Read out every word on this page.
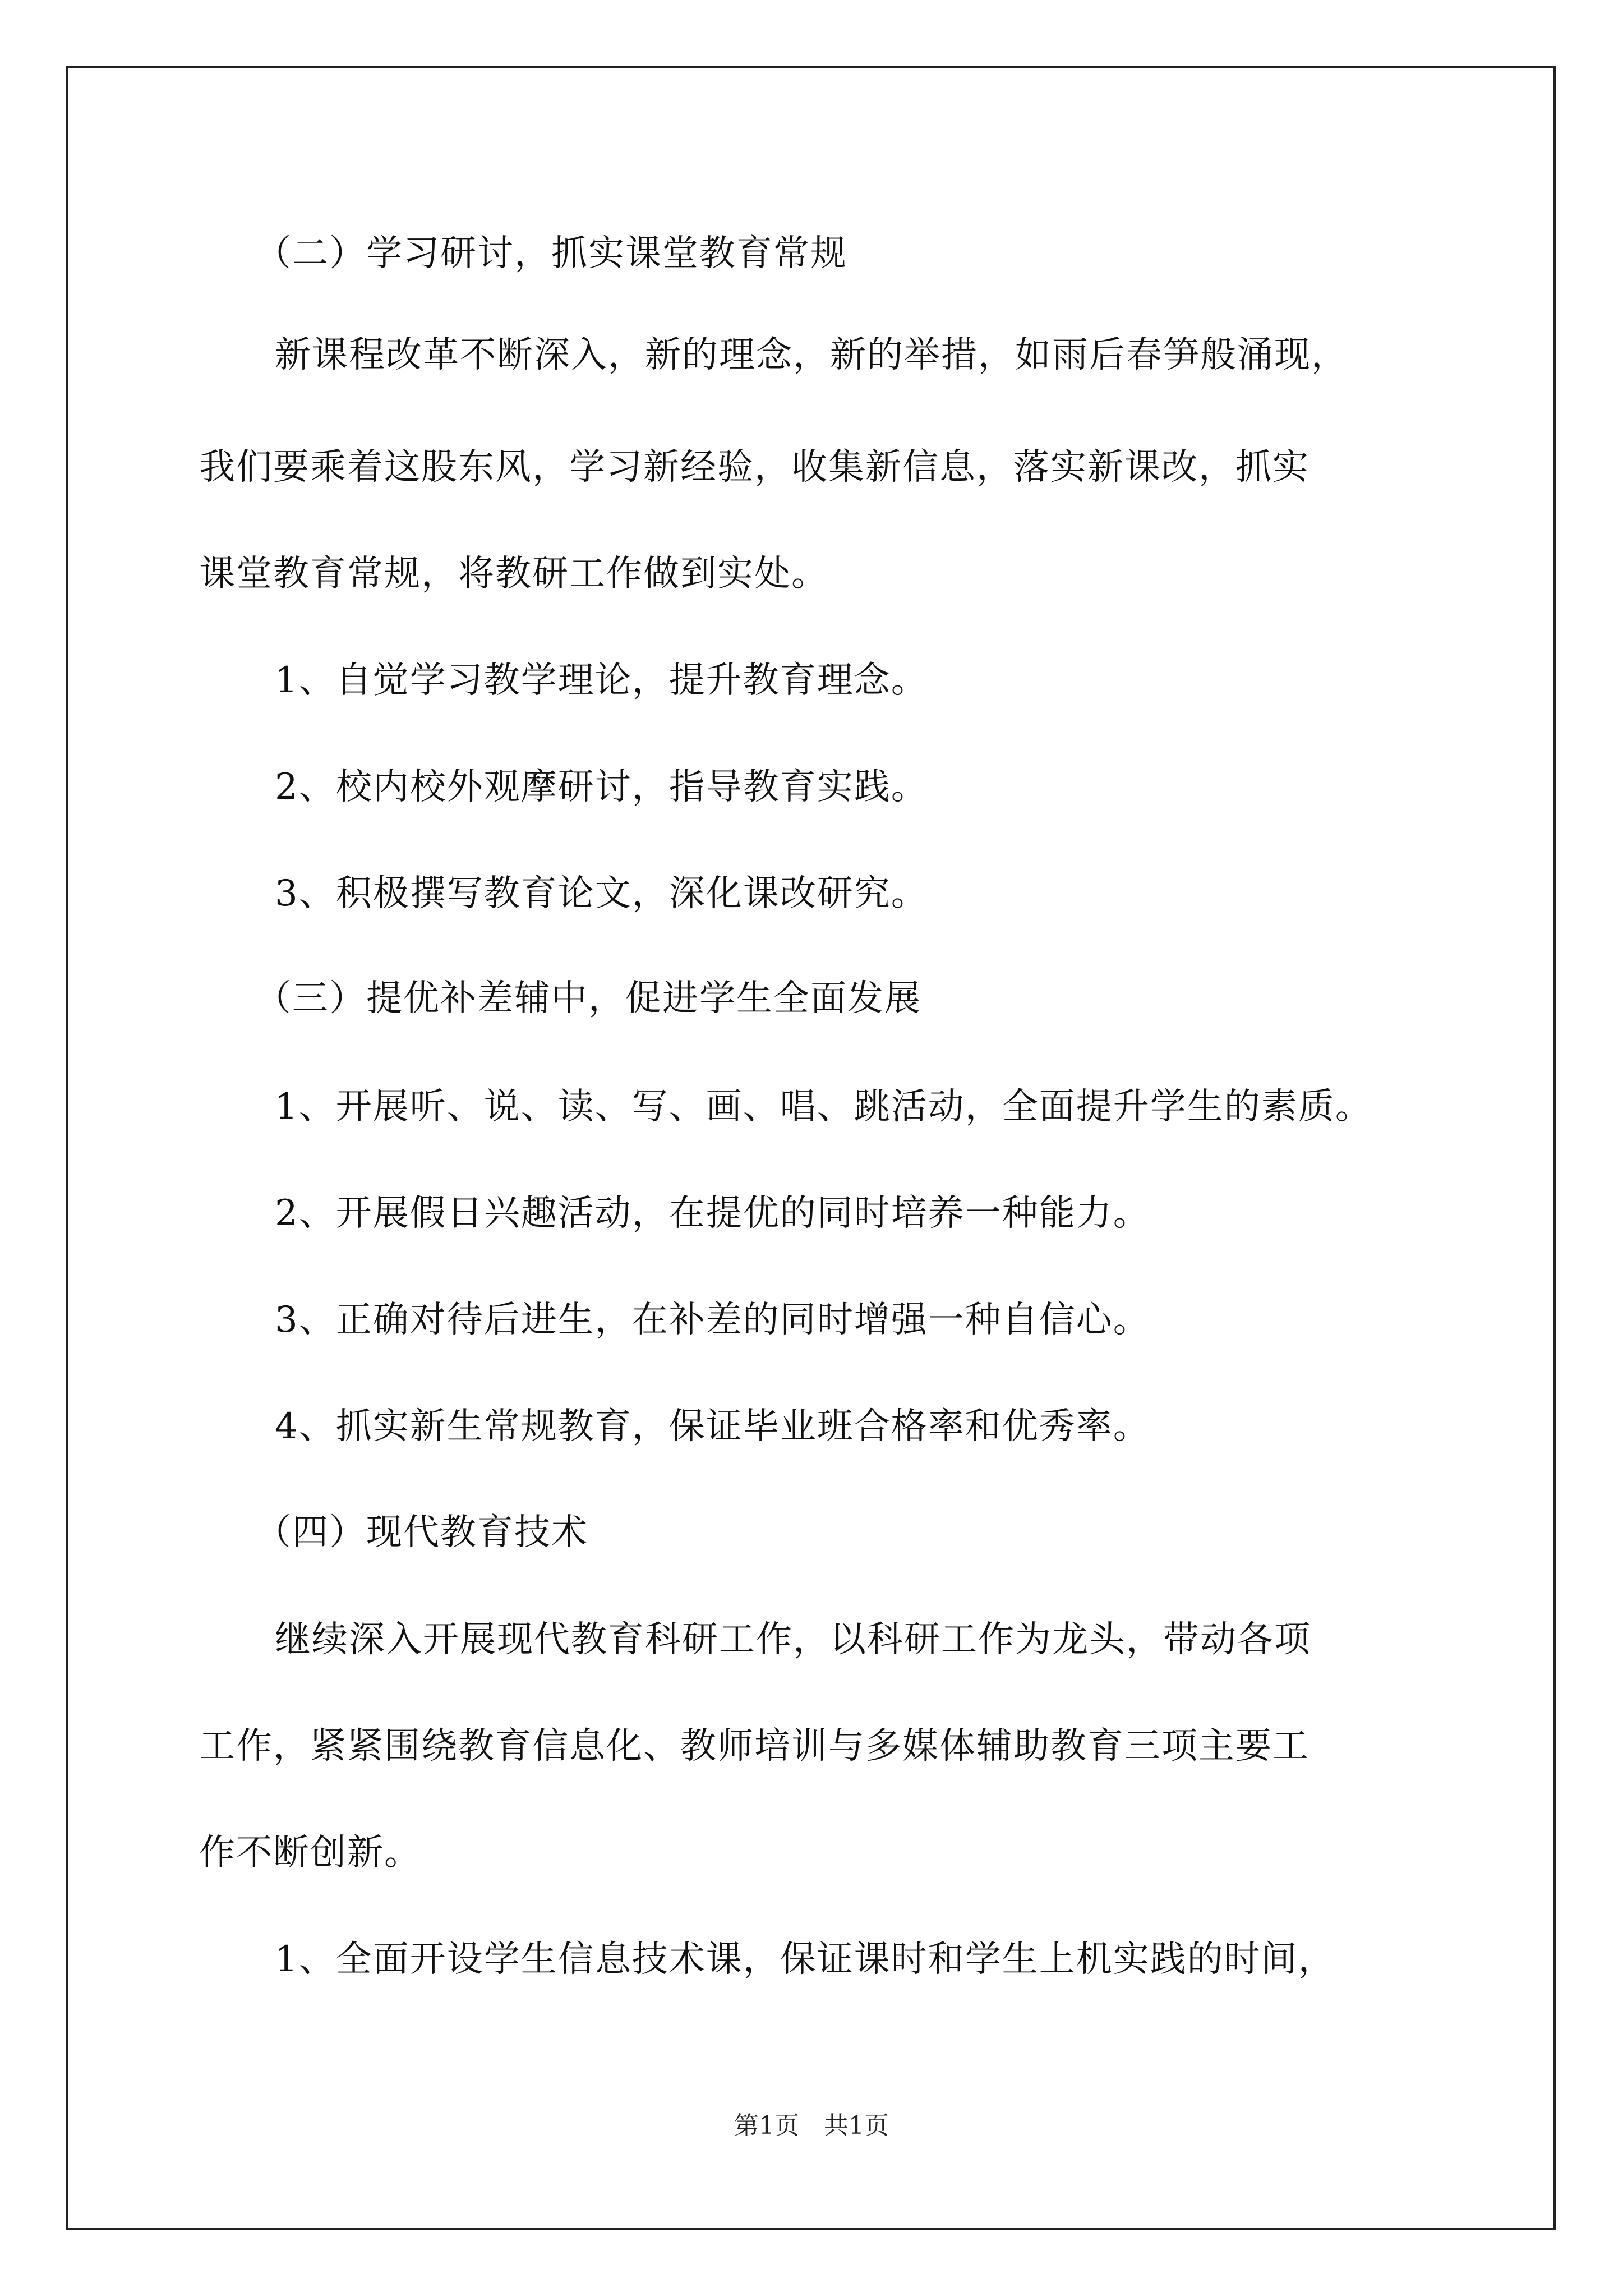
（二）学习研讨，抓实课堂教育常规
新课程改革不断深入，新的理念，新的举措，如雨后春笋般涌现，
我们要乘着这股东风，学习新经验，收集新信息，落实新课改，抓实
课堂教育常规，将教研工作做到实处。
1、自觉学习教学理论，提升教育理念。
2、校内校外观摩研讨，指导教育实践。
3、积极撰写教育论文，深化课改研究。
（三）提优补差辅中，促进学生全面发展
1、开展听、说、读、写、画、唱、跳活动，全面提升学生的素质。
2、开展假日兴趣活动，在提优的同时培养一种能力。
3、正确对待后进生，在补差的同时增强一种自信心。
4、抓实新生常规教育，保证毕业班合格率和优秀率。
（四）现代教育技术
继续深入开展现代教育科研工作，以科研工作为龙头，带动各项
工作，紧紧围绕教育信息化、教师培训与多媒体辅助教育三项主要工
作不断创新。
1、全面开设学生信息技术课，保证课时和学生上机实践的时间，
第1页　共1页
